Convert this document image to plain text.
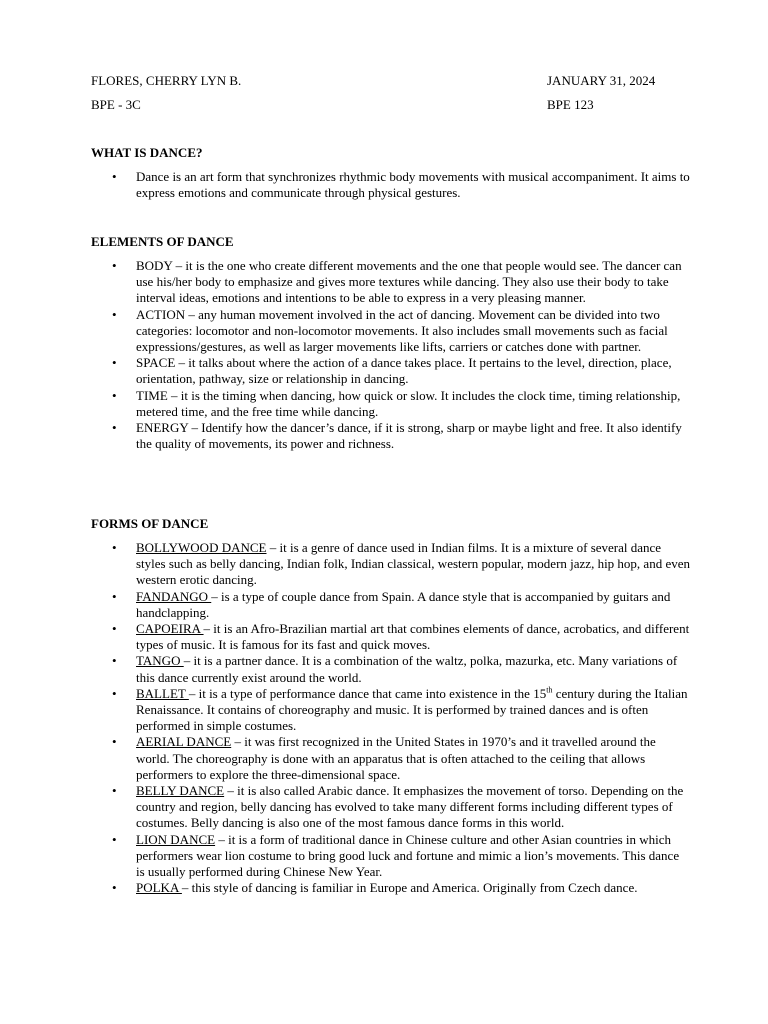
FLORES, CHERRY LYN B.	JANUARY 31, 2024
BPE - 3C	BPE 123
WHAT IS DANCE?
• Dance is an art form that synchronizes rhythmic body movements with musical accompaniment. It aims to express emotions and communicate through physical gestures.
ELEMENTS OF DANCE
• BODY – it is the one who create different movements and the one that people would see. The dancer can use his/her body to emphasize and gives more textures while dancing. They also use their body to take interval ideas, emotions and intentions to be able to express in a very pleasing manner.
• ACTION – any human movement involved in the act of dancing. Movement can be divided into two categories: locomotor and non-locomotor movements. It also includes small movements such as facial expressions/gestures, as well as larger movements like lifts, carriers or catches done with partner.
• SPACE – it talks about where the action of a dance takes place. It pertains to the level, direction, place, orientation, pathway, size or relationship in dancing.
• TIME – it is the timing when dancing, how quick or slow. It includes the clock time, timing relationship, metered time, and the free time while dancing.
• ENERGY – Identify how the dancer’s dance, if it is strong, sharp or maybe light and free. It also identify the quality of movements, its power and richness.
FORMS OF DANCE
• BOLLYWOOD DANCE – it is a genre of dance used in Indian films. It is a mixture of several dance styles such as belly dancing, Indian folk, Indian classical, western popular, modern jazz, hip hop, and even western erotic dancing.
• FANDANGO – is a type of couple dance from Spain. A dance style that is accompanied by guitars and handclapping.
• CAPOEIRA – it is an Afro-Brazilian martial art that combines elements of dance, acrobatics, and different types of music. It is famous for its fast and quick moves.
• TANGO – it is a partner dance. It is a combination of the waltz, polka, mazurka, etc. Many variations of this dance currently exist around the world.
• BALLET – it is a type of performance dance that came into existence in the 15th century during the Italian Renaissance. It contains of choreography and music. It is performed by trained dances and is often performed in simple costumes.
• AERIAL DANCE – it was first recognized in the United States in 1970’s and it travelled around the world. The choreography is done with an apparatus that is often attached to the ceiling that allows performers to explore the three-dimensional space.
• BELLY DANCE – it is also called Arabic dance. It emphasizes the movement of torso. Depending on the country and region, belly dancing has evolved to take many different forms including different types of costumes. Belly dancing is also one of the most famous dance forms in this world.
• LION DANCE – it is a form of traditional dance in Chinese culture and other Asian countries in which performers wear lion costume to bring good luck and fortune and mimic a lion’s movements. This dance is usually performed during Chinese New Year.
• POLKA – this style of dancing is familiar in Europe and America. Originally from Czech dance.
